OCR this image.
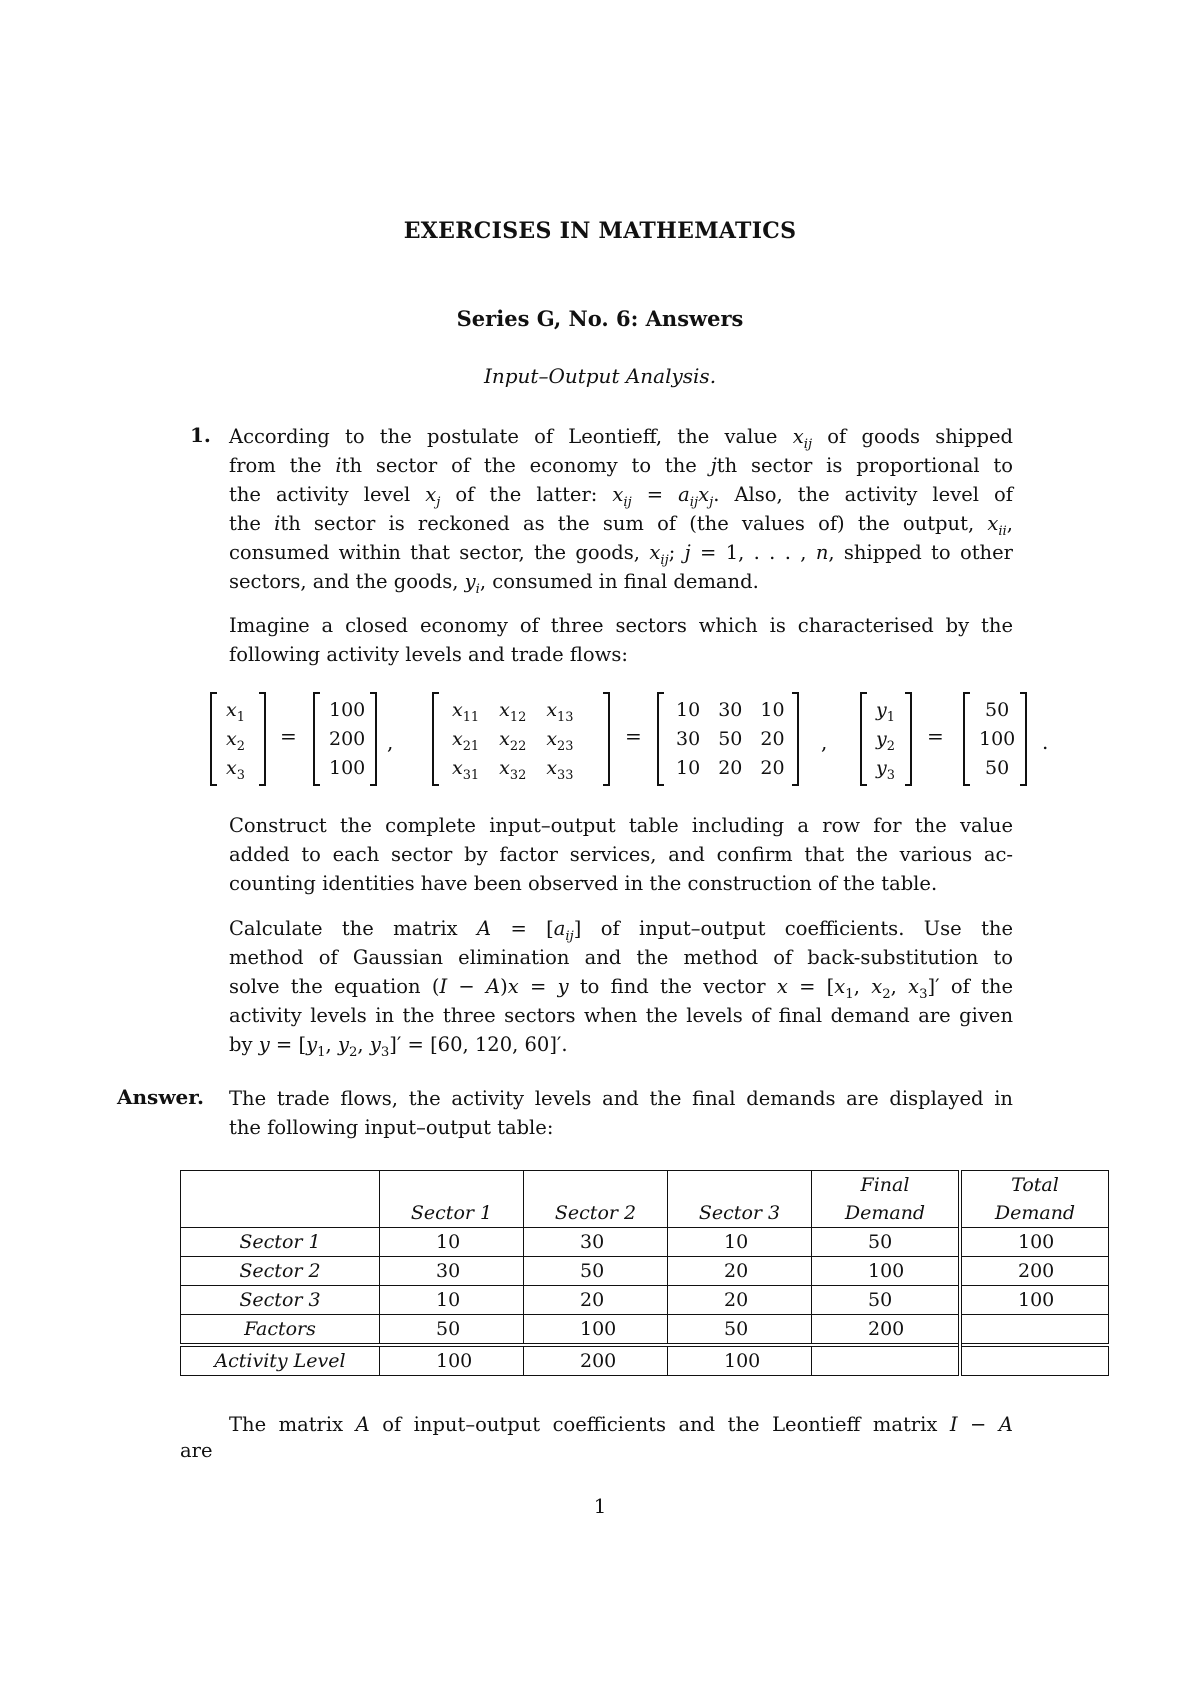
EXERCISES IN MATHEMATICS
Series G, No. 6: Answers
Input–Output Analysis.
1. According to the postulate of Leontieff, the value $x_{ij}$ of goods shipped
from the ith sector of the economy to the jth sector is proportional to
the activity level $x_j$ of the latter: $x_{ij} = a_{ij}x_j$. Also, the activity level of
the ith sector is reckoned as the sum of (the values of) the output, $x_{ii}$,
consumed within that sector, the goods, $x_{ij}$; j = 1, . . . , n, shipped to other
sectors, and the goods, $y_i$, consumed in final demand.
Imagine a closed economy of three sectors which is characterised by the
following activity levels and trade flows:
$x_1$
$x_2$
$x_3$
=
100
200
100
,
$x_{11}$	$x_{12}$	$x_{13}$
$x_{21}$	$x_{22}$	$x_{23}$
$x_{31}$	$x_{32}$	$x_{33}$
=
10	30	10
30	50	20
10	20	20
,
$y_1$
$y_2$
$y_3$
=
50
100
50
.
Construct the complete input–output table including a row for the value
added to each sector by factor services, and confirm that the various ac-
counting identities have been observed in the construction of the table.
Calculate the matrix $A = [a_{ij}]$ of input–output coefficients. Use the
method of Gaussian elimination and the method of back-substitution to
solve the equation (I − A)x = y to find the vector $x = [x_1$, $x_2$, $x_3]'$ of the
activity levels in the three sectors when the levels of final demand are given
by $y = [y_1$, $y_2$, $y_3]' = [60$, 120, 60]′.
Answer. The trade flows, the activity levels and the final demands are displayed in
the following input–output table:
	Sector 1	Sector 2	Sector 3	Final
Demand	Total
Demand
Sector 1	10	30	10	50	100
Sector 2	30	50	20	100	200
Sector 3	10	20	20	50	100
Factors	50	100	50	200	
Activity Level	100	200	100		
The matrix A of input–output coefficients and the Leontieff matrix I − A
are
1
